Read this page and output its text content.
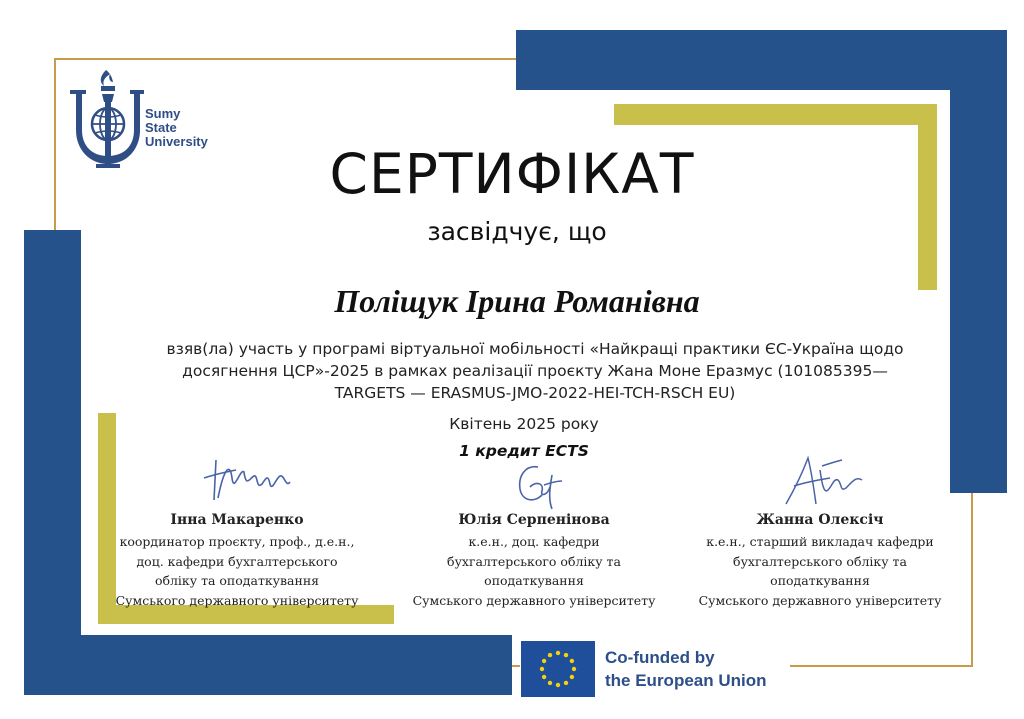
Sumy
State
University
СЕРТИФІКАТ
засвідчує, що
Поліщук Ірина Романівна
взяв(ла) участь у програмі віртуальної мобільності «Найкращі практики ЄС-Україна щодо
досягнення ЦСР»-2025 в рамках реалізації проєкту Жана Моне Еразмус (101085395—
TARGETS — ERASMUS-JMO-2022-HEI-TCH-RSCH EU)
Квітень 2025 року
1 кредит ECTS
Інна Макаренко
координатор проєкту, проф., д.е.н.,
доц. кафедри бухгалтерського
обліку та оподаткування
Сумського державного університету
Юлія Серпенінова
к.е.н., доц. кафедри
бухгалтерського обліку та
оподаткування
Сумського державного університету
Жанна Олексіч
к.е.н., старший викладач кафедри
бухгалтерського обліку та
оподаткування
Сумського державного університету
Co-funded by
the European Union
